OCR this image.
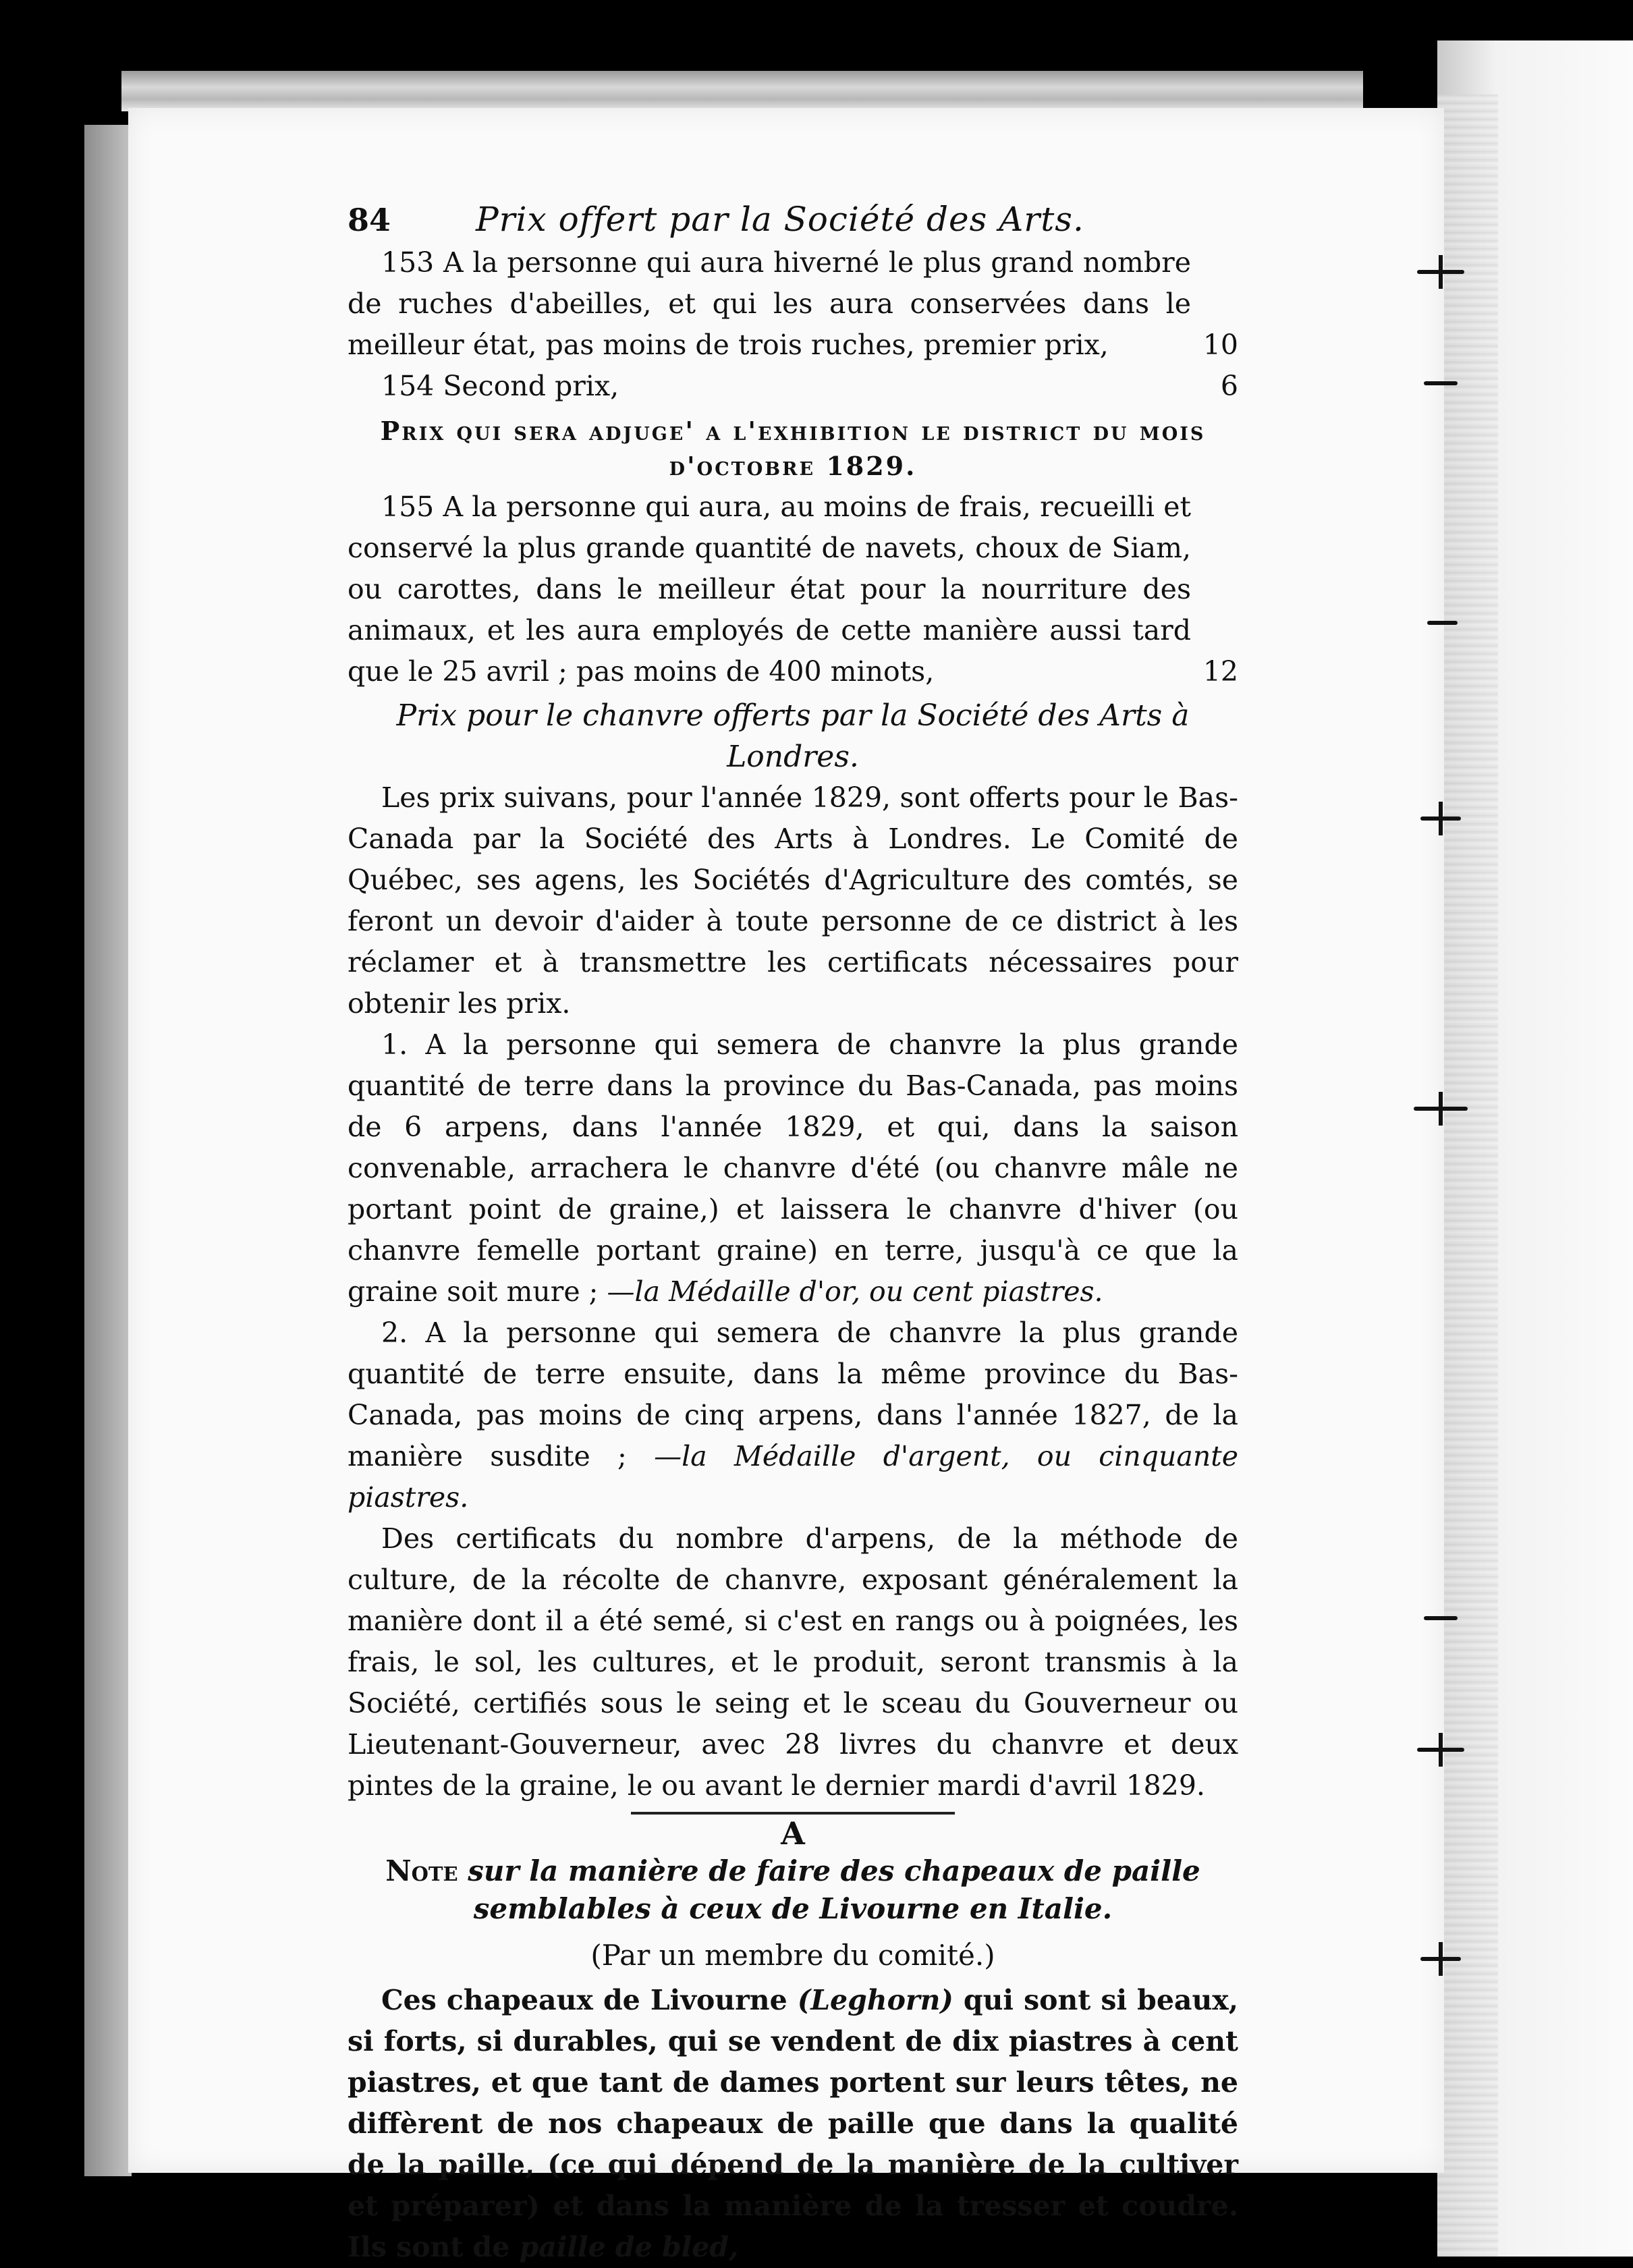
84	Prix offert par la Société des Arts.

153 A la personne qui aura hiverné le plus grand nombre de ruches d'abeilles, et qui les aura conservées dans le meilleur état, pas moins de trois ruches, premier prix,	10

154 Second prix,	6
Prix qui sera adjuge' a l'exhibition le district du mois d'octobre 1829.

155 A la personne qui aura, au moins de frais, recueilli et conservé la plus grande quantité de navets, choux de Siam, ou carottes, dans le meilleur état pour la nourriture des animaux, et les aura employés de cette manière aussi tard que le 25 avril ; pas moins de 400 minots,	12
Prix pour le chanvre offerts par la Société des Arts à Londres.

Les prix suivans, pour l'année 1829, sont offerts pour le Bas-Canada par la Société des Arts à Londres. Le Comité de Québec, ses agens, les Sociétés d'Agriculture des comtés, se feront un devoir d'aider à toute personne de ce district à les réclamer et à transmettre les certificats nécessaires pour obtenir les prix.

1. A la personne qui semera de chanvre la plus grande quantité de terre dans la province du Bas-Canada, pas moins de 6 arpens, dans l'année 1829, et qui, dans la saison convenable, arrachera le chanvre d'été (ou chanvre mâle ne portant point de graine,) et laissera le chanvre d'hiver (ou chanvre femelle portant graine) en terre, jusqu'à ce que la graine soit mure ; —la Médaille d'or, ou cent piastres.

2. A la personne qui semera de chanvre la plus grande quantité de terre ensuite, dans la même province du Bas-Canada, pas moins de cinq arpens, dans l'année 1827, de la manière susdite ; —la Médaille d'argent, ou cinquante piastres.

Des certificats du nombre d'arpens, de la méthode de culture, de la récolte de chanvre, exposant généralement la manière dont il a été semé, si c'est en rangs ou à poignées, les frais, le sol, les cultures, et le produit, seront transmis à la Société, certifiés sous le seing et le sceau du Gouverneur ou Lieutenant-Gouverneur, avec 28 livres du chanvre et deux pintes de la graine, le ou avant le dernier mardi d'avril 1829.

A
Note sur la manière de faire des chapeaux de paille semblables à ceux de Livourne en Italie.
(Par un membre du comité.)

Ces chapeaux de Livourne (Leghorn) qui sont si beaux, si forts, si durables, qui se vendent de dix piastres à cent piastres, et que tant de dames portent sur leurs têtes, ne diffèrent de nos chapeaux de paille que dans la qualité de la paille, (ce qui dépend de la manière de la cultiver et préparer) et dans la manière de la tresser et coudre. Ils sont de paille de bled,
